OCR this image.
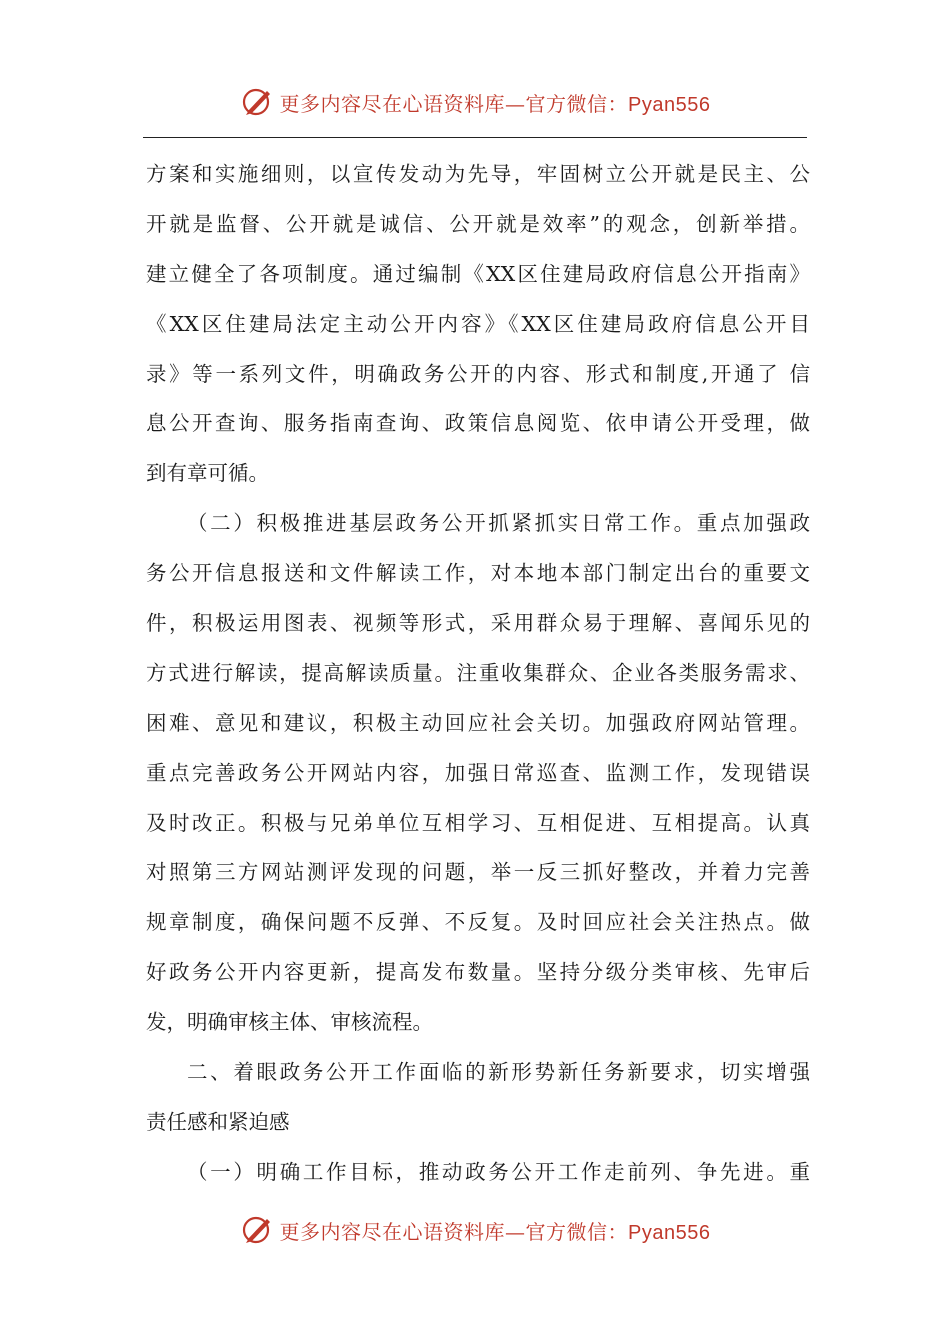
更多内容尽在心语资料库—官方微信：Pyan556
方案和实施细则，以宣传发动为先导，牢固树立公开就是民主、公
开就是监督、公开就是诚信、公开就是效率”的观念，创新举措。
建立健全了各项制度。通过编制《XX区住建局政府信息公开指南》
《XX区住建局法定主动公开内容》《XX区住建局政府信息公开目
录》等一系列文件，明确政务公开的内容、形式和制度,开通了 信
息公开查询、服务指南查询、政策信息阅览、依申请公开受理，做
到有章可循。
（二）积极推进基层政务公开抓紧抓实日常工作。重点加强政
务公开信息报送和文件解读工作，对本地本部门制定出台的重要文
件，积极运用图表、视频等形式，采用群众易于理解、喜闻乐见的
方式进行解读，提高解读质量。注重收集群众、企业各类服务需求、
困难、意见和建议，积极主动回应社会关切。加强政府网站管理。
重点完善政务公开网站内容，加强日常巡查、监测工作，发现错误
及时改正。积极与兄弟单位互相学习、互相促进、互相提高。认真
对照第三方网站测评发现的问题，举一反三抓好整改，并着力完善
规章制度，确保问题不反弹、不反复。及时回应社会关注热点。做
好政务公开内容更新，提高发布数量。坚持分级分类审核、先审后
发，明确审核主体、审核流程。
二、着眼政务公开工作面临的新形势新任务新要求，切实增强
责任感和紧迫感
（一）明确工作目标，推动政务公开工作走前列、争先进。重
更多内容尽在心语资料库—官方微信：Pyan556
